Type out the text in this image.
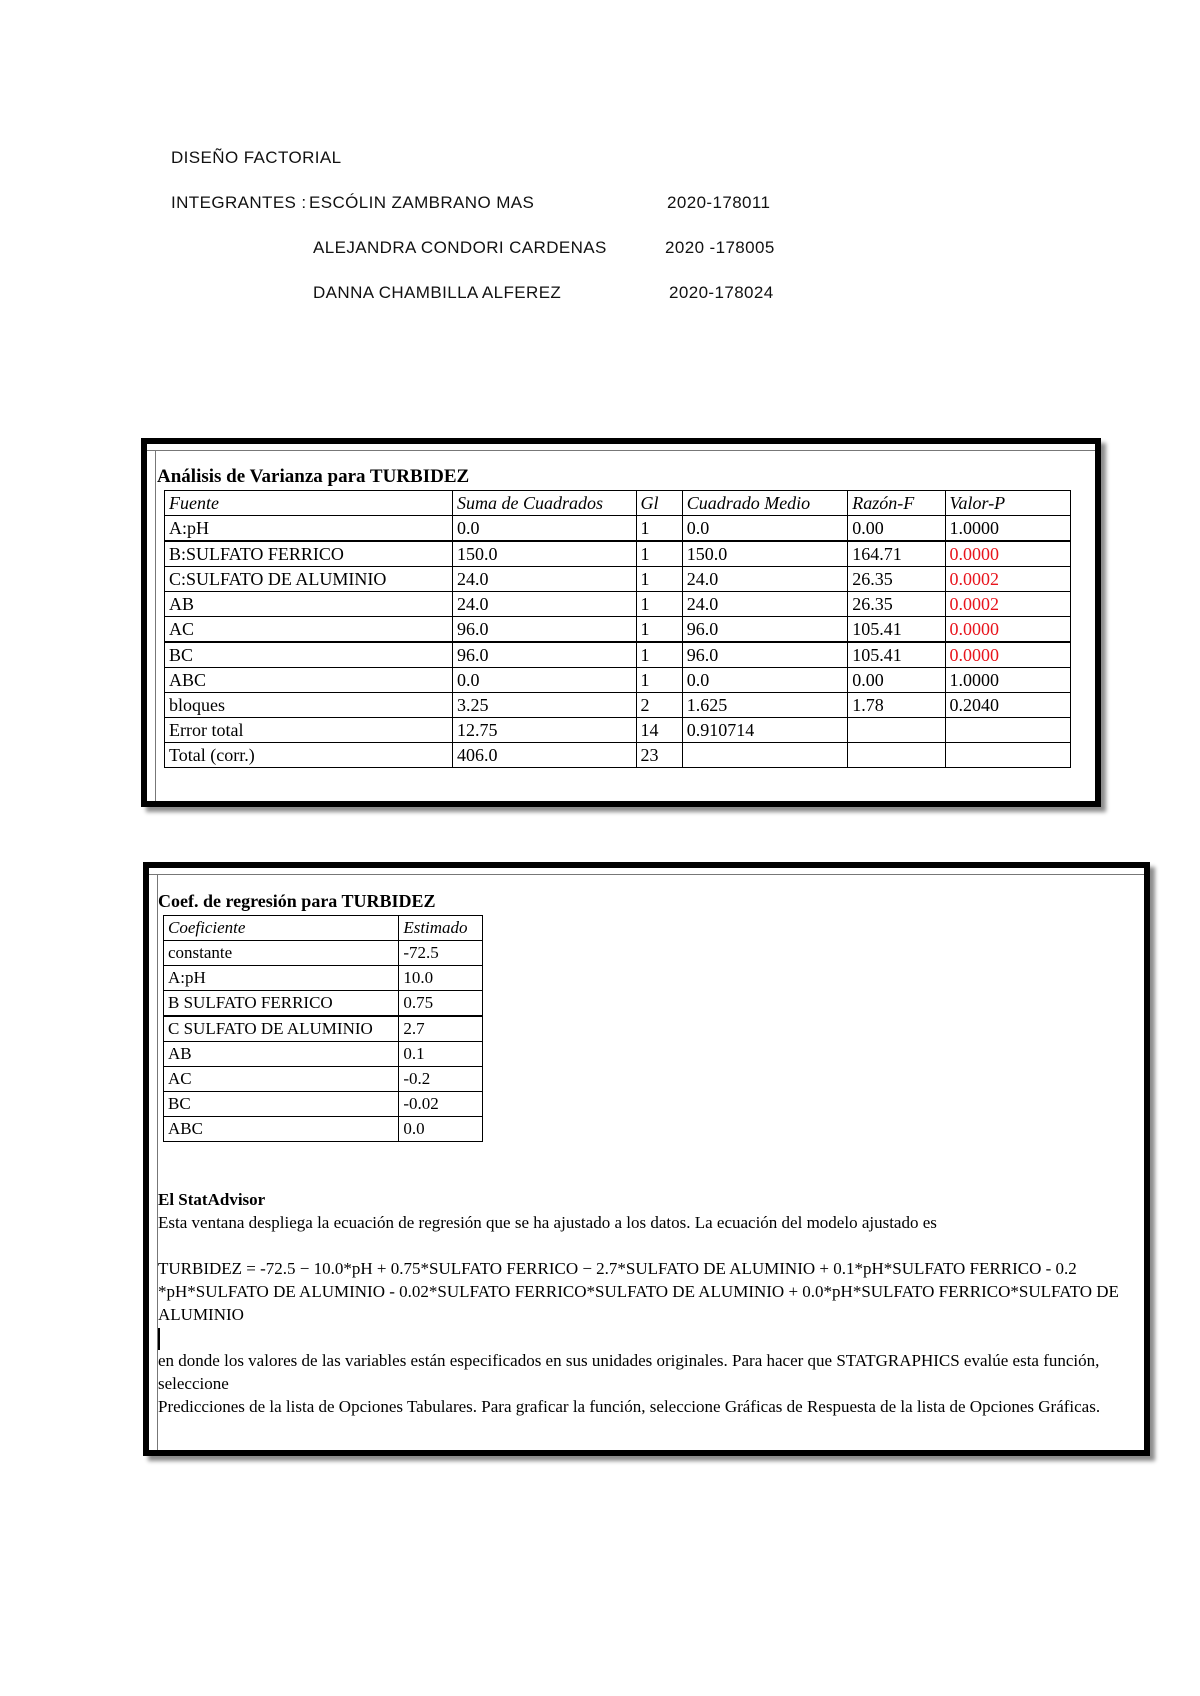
DISEÑO FACTORIAL
INTEGRANTES : ESCÓLIN ZAMBRANO MAS	2020-178011
ALEJANDRA CONDORI CARDENAS	2020 -178005
DANNA CHAMBILLA ALFEREZ	2020-178024
Análisis de Varianza para TURBIDEZ
Fuente	Suma de Cuadrados	Gl	Cuadrado Medio	Razón-F	Valor-P
A:pH	0.0	1	0.0	0.00	1.0000
B:SULFATO FERRICO	150.0	1	150.0	164.71	0.0000
C:SULFATO DE ALUMINIO	24.0	1	24.0	26.35	0.0002
AB	24.0	1	24.0	26.35	0.0002
AC	96.0	1	96.0	105.41	0.0000
BC	96.0	1	96.0	105.41	0.0000
ABC	0.0	1	0.0	0.00	1.0000
bloques	3.25	2	1.625	1.78	0.2040
Error total	12.75	14	0.910714		
Total (corr.)	406.0	23			
Coef. de regresión para TURBIDEZ
Coeficiente	Estimado
constante	-72.5
A:pH	10.0
B SULFATO FERRICO	0.75
C SULFATO DE ALUMINIO	2.7
AB	0.1
AC	-0.2
BC	-0.02
ABC	0.0

El StatAdvisor

Esta ventana despliega la ecuación de regresión que se ha ajustado a los datos. La ecuación del modelo ajustado es

TURBIDEZ = -72.5 − 10.0*pH + 0.75*SULFATO FERRICO − 2.7*SULFATO DE ALUMINIO + 0.1*pH*SULFATO FERRICO - 0.2

*pH*SULFATO DE ALUMINIO - 0.02*SULFATO FERRICO*SULFATO DE ALUMINIO + 0.0*pH*SULFATO FERRICO*SULFATO DE

ALUMINIO

en donde los valores de las variables están especificados en sus unidades originales. Para hacer que STATGRAPHICS evalúe esta función, seleccione

Predicciones de la lista de Opciones Tabulares. Para graficar la función, seleccione Gráficas de Respuesta de la lista de Opciones Gráficas.
